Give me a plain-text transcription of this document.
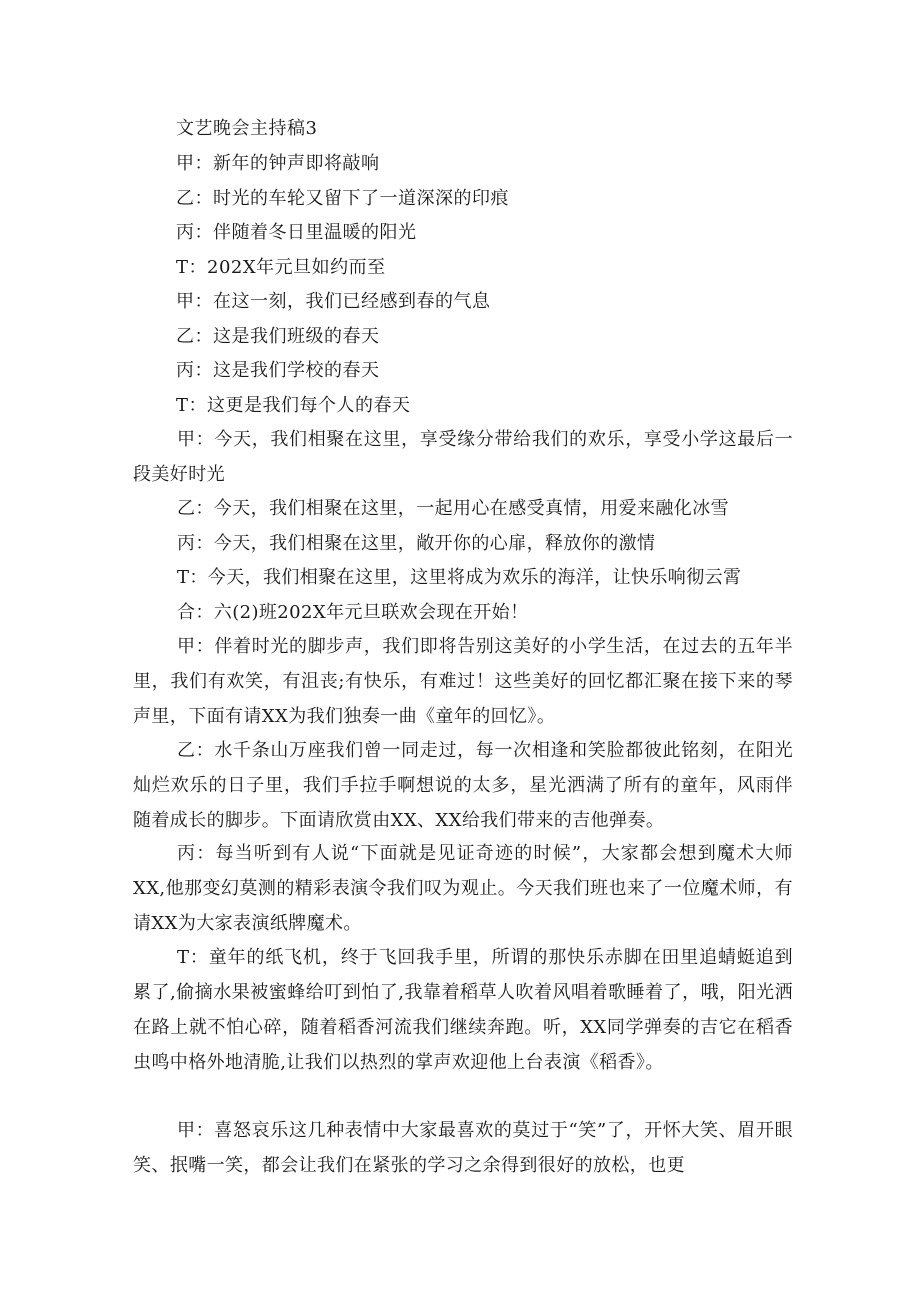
文艺晚会主持稿3
甲：新年的钟声即将敲响
乙：时光的车轮又留下了一道深深的印痕
丙：伴随着冬日里温暖的阳光
T：202X年元旦如约而至
甲：在这一刻，我们已经感到春的气息
乙：这是我们班级的春天
丙：这是我们学校的春天
T：这更是我们每个人的春天
甲：今天，我们相聚在这里，享受缘分带给我们的欢乐，享受小学这最后一段美好时光
乙：今天，我们相聚在这里，一起用心在感受真情，用爱来融化冰雪
丙：今天，我们相聚在这里，敞开你的心扉，释放你的激情
T：今天，我们相聚在这里，这里将成为欢乐的海洋，让快乐响彻云霄
合：六(2)班202X年元旦联欢会现在开始！
甲：伴着时光的脚步声，我们即将告别这美好的小学生活，在过去的五年半里，我们有欢笑，有沮丧;有快乐，有难过！这些美好的回忆都汇聚在接下来的琴声里，下面有请XX为我们独奏一曲《童年的回忆》。
乙：水千条山万座我们曾一同走过，每一次相逢和笑脸都彼此铭刻，在阳光灿烂欢乐的日子里，我们手拉手啊想说的太多，星光洒满了所有的童年，风雨伴随着成长的脚步。下面请欣赏由XX、XX给我们带来的吉他弹奏。
丙：每当听到有人说“下面就是见证奇迹的时候”，大家都会想到魔术大师XX,他那变幻莫测的精彩表演令我们叹为观止。今天我们班也来了一位魔术师，有请XX为大家表演纸牌魔术。
T：童年的纸飞机，终于飞回我手里，所谓的那快乐赤脚在田里追蜻蜓追到累了,偷摘水果被蜜蜂给叮到怕了,我靠着稻草人吹着风唱着歌睡着了，哦，阳光洒在路上就不怕心碎，随着稻香河流我们继续奔跑。听，XX同学弹奏的吉它在稻香虫鸣中格外地清脆,让我们以热烈的掌声欢迎他上台表演《稻香》。
甲：喜怒哀乐这几种表情中大家最喜欢的莫过于“笑”了，开怀大笑、眉开眼笑、抿嘴一笑，都会让我们在紧张的学习之余得到很好的放松，也更
